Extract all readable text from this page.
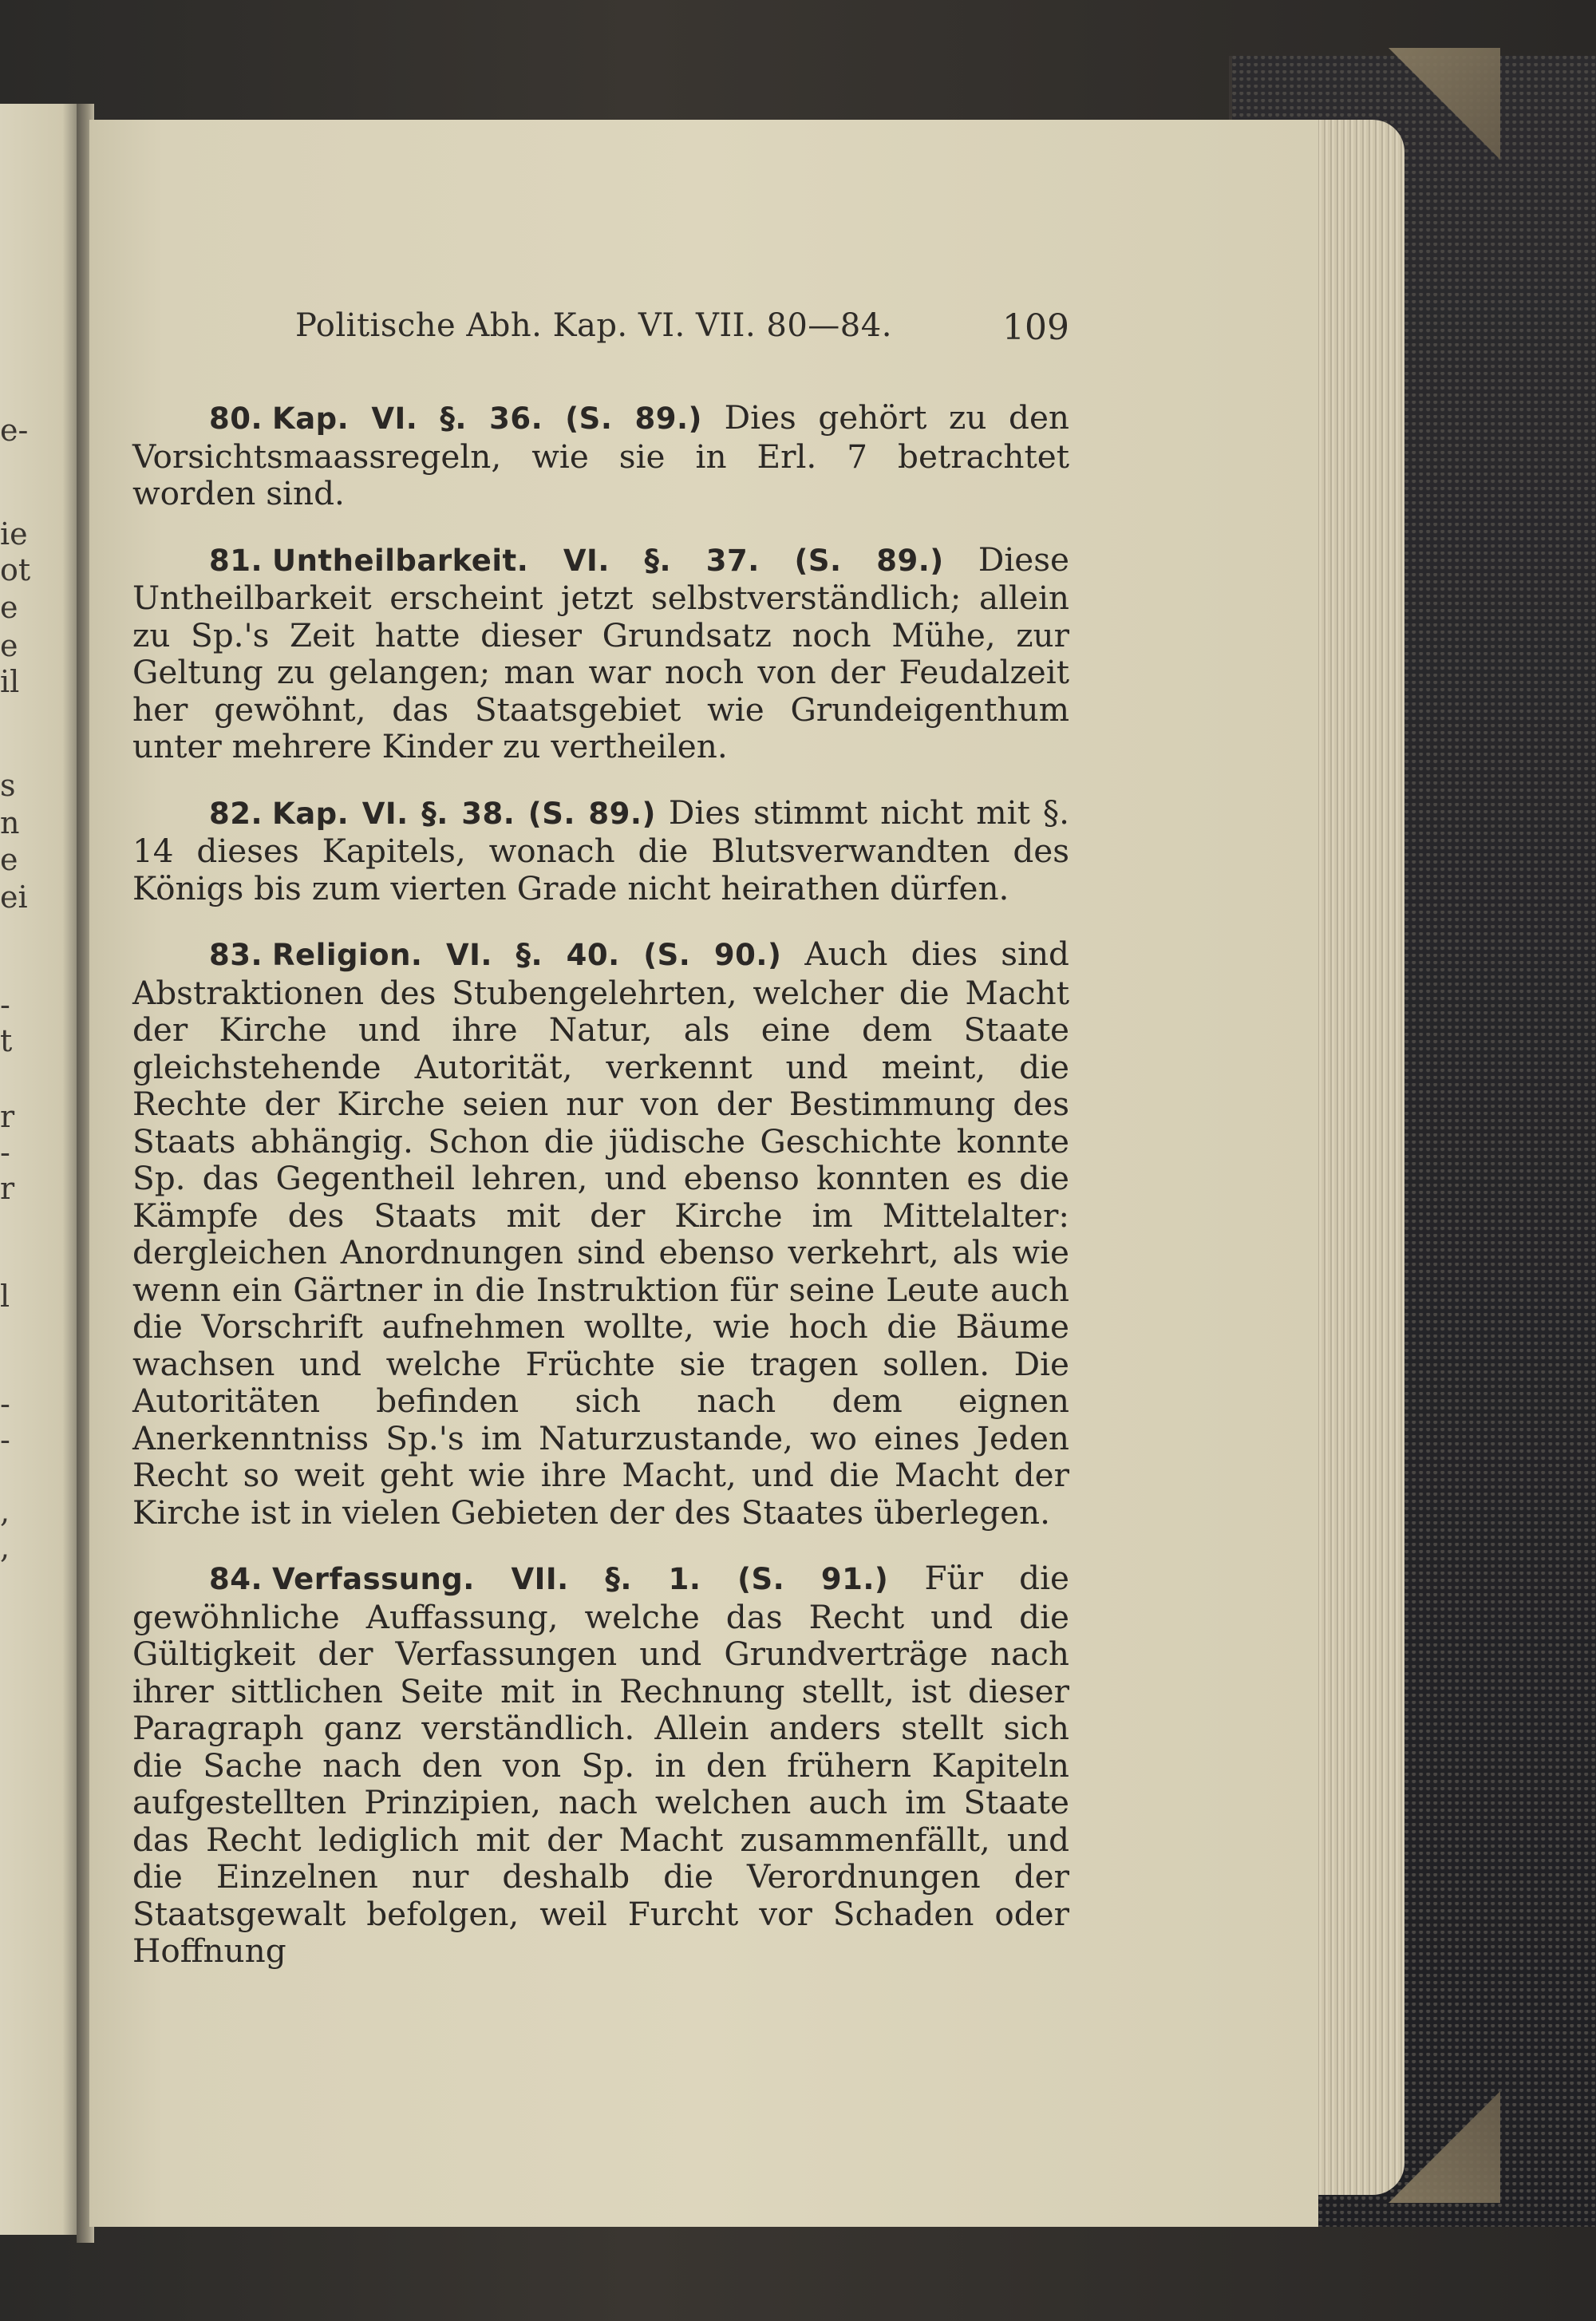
e-
ie
ot
e
e
il
s
n
e
ei
-
t
r
-
r
l
-
-
,
,
Politische Abh. Kap. VI. VII. 80—84.	109

80. Kap. VI. §. 36. (S. 89.) Dies gehört zu den Vorsichtsmaassregeln, wie sie in Erl. 7 betrachtet worden sind.

81. Untheilbarkeit. VI. §. 37. (S. 89.) Diese Untheilbarkeit erscheint jetzt selbstverständlich; allein zu Sp.'s Zeit hatte dieser Grundsatz noch Mühe, zur Geltung zu gelangen; man war noch von der Feudalzeit her gewöhnt, das Staatsgebiet wie Grundeigenthum unter mehrere Kinder zu vertheilen.

82. Kap. VI. §. 38. (S. 89.) Dies stimmt nicht mit §. 14 dieses Kapitels, wonach die Blutsverwandten des Königs bis zum vierten Grade nicht heirathen dürfen.

83. Religion. VI. §. 40. (S. 90.) Auch dies sind Abstraktionen des Stubengelehrten, welcher die Macht der Kirche und ihre Natur, als eine dem Staate gleichstehende Autorität, verkennt und meint, die Rechte der Kirche seien nur von der Bestimmung des Staats abhängig. Schon die jüdische Geschichte konnte Sp. das Gegentheil lehren, und ebenso konnten es die Kämpfe des Staats mit der Kirche im Mittelalter: dergleichen Anordnungen sind ebenso verkehrt, als wie wenn ein Gärtner in die Instruktion für seine Leute auch die Vorschrift aufnehmen wollte, wie hoch die Bäume wachsen und welche Früchte sie tragen sollen. Die Autoritäten befinden sich nach dem eignen Anerkenntniss Sp.'s im Naturzustande, wo eines Jeden Recht so weit geht wie ihre Macht, und die Macht der Kirche ist in vielen Gebieten der des Staates überlegen.

84. Verfassung. VII. §. 1. (S. 91.) Für die gewöhnliche Auffassung, welche das Recht und die Gültigkeit der Verfassungen und Grundverträge nach ihrer sittlichen Seite mit in Rechnung stellt, ist dieser Paragraph ganz verständlich. Allein anders stellt sich die Sache nach den von Sp. in den frühern Kapiteln aufgestellten Prinzipien, nach welchen auch im Staate das Recht lediglich mit der Macht zusammenfällt, und die Einzelnen nur deshalb die Verordnungen der Staatsgewalt befolgen, weil Furcht vor Schaden oder Hoffnung
